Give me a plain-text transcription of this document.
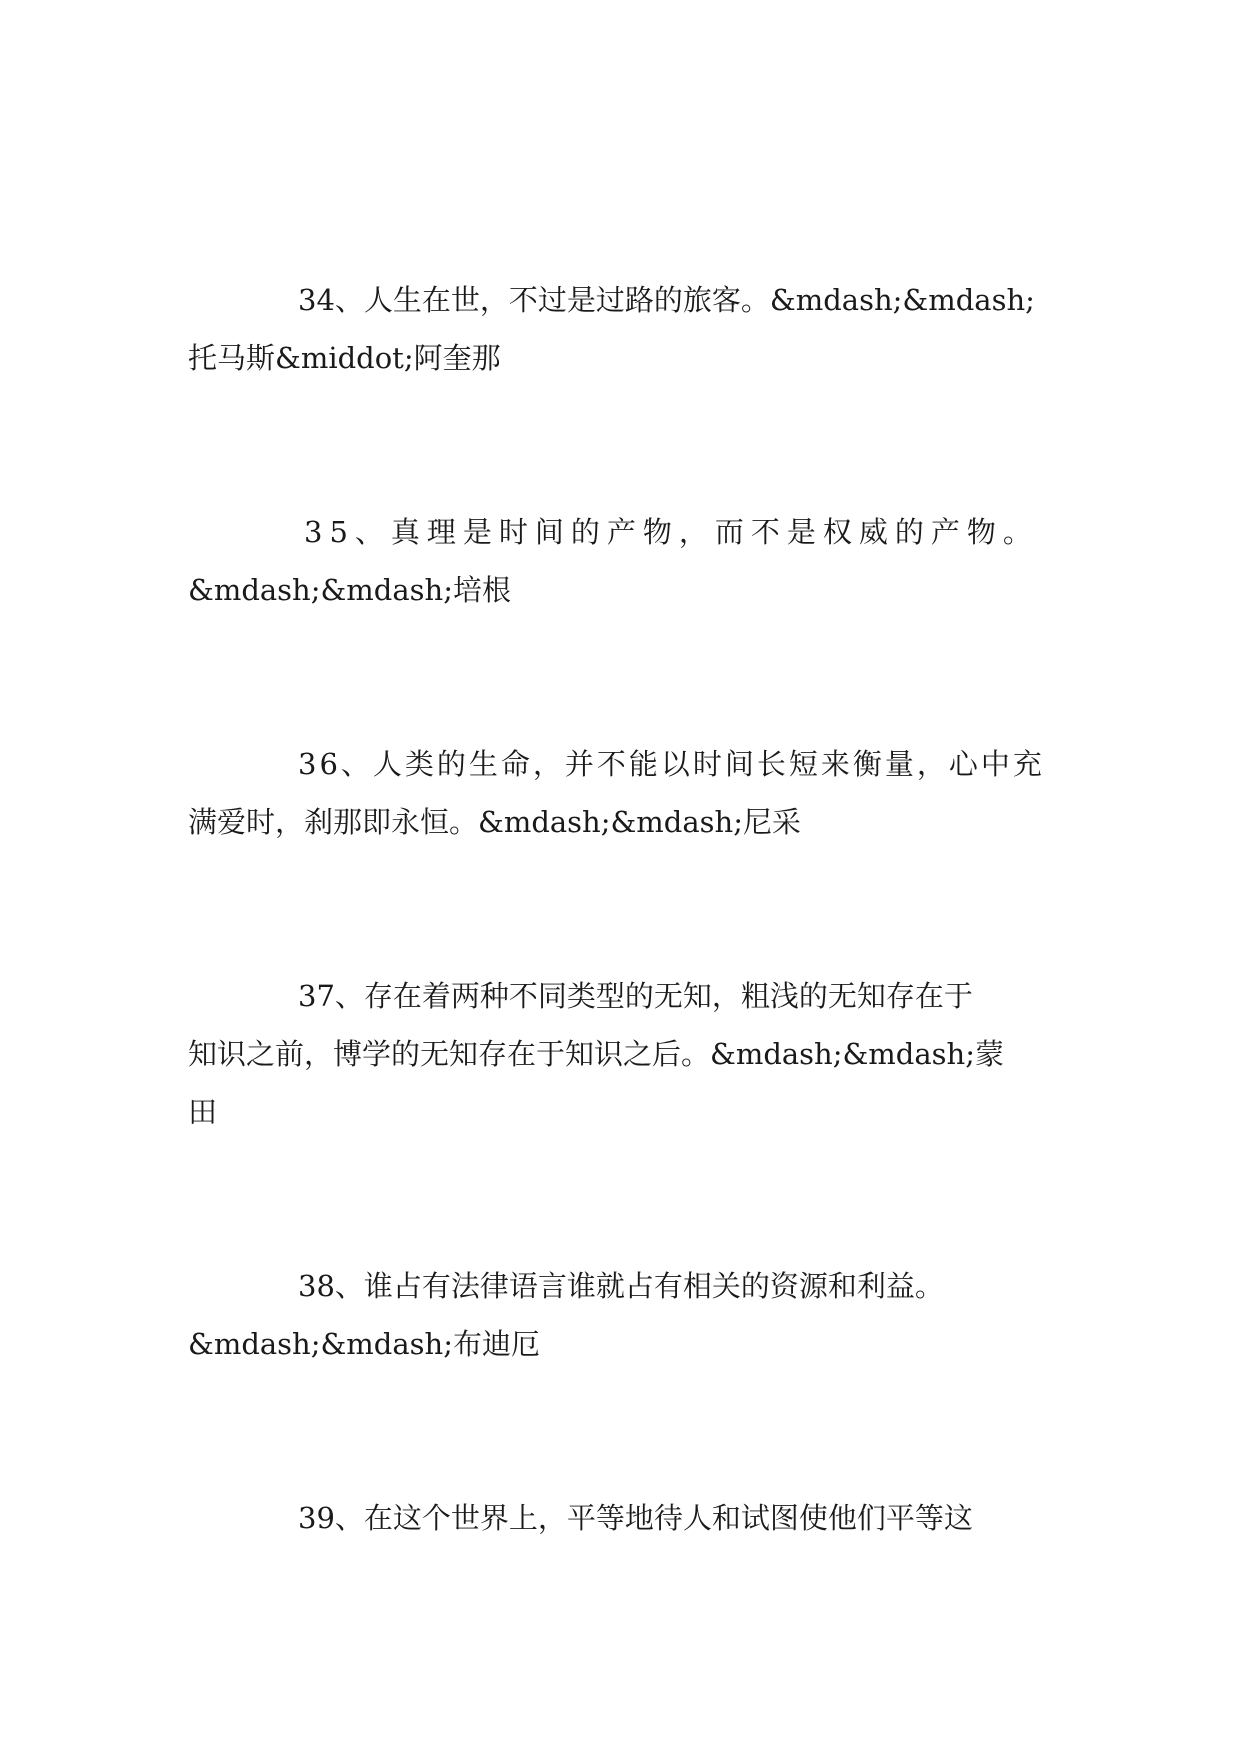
34、人生在世，不过是过路的旅客。&mdash;&mdash;
托马斯&middot;阿奎那

35、真理是时间的产物，而不是权威的产物。
&mdash;&mdash;培根

36、人类的生命，并不能以时间长短来衡量，心中充
满爱时，刹那即永恒。&mdash;&mdash;尼采

37、存在着两种不同类型的无知，粗浅的无知存在于
知识之前，博学的无知存在于知识之后。&mdash;&mdash;蒙
田

38、谁占有法律语言谁就占有相关的资源和利益。
&mdash;&mdash;布迪厄

39、在这个世界上，平等地待人和试图使他们平等这
